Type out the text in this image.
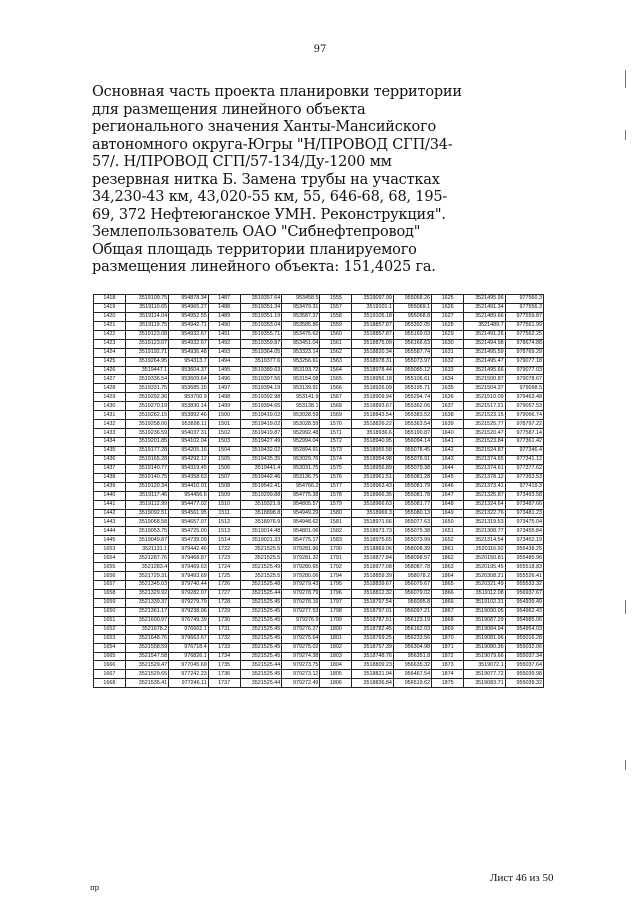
97
Основная часть проекта планировки территории
для размещения линейного объекта
регионального значения Ханты-Мансийского
автономного округа-Югры "Н/ПРОВОД СГП/34-
57/. Н/ПРОВОД СГП/57-134/Ду-1200 мм
резервная нитка Б. Замена трубы на участках
34,230-43 км, 43,020-55 км, 55, 646-68, 68, 195-
69, 372 Нефтеюганское УМН. Реконструкция".
Землепользователь ОАО "Сибнефтепровод"
Общая площадь территории планируемого
размещения линейного объекта: 151,4025 га.
1418	3519109.75	954878.34	1487	3519357.64	953458.5	1555	3519097.99	955068.26	1625	3521495.96	977560.3
1419	3519110.65	954965.27	1488	3519351.34	953479.31	1557	3519101.1	955069.1	1626	3521491.34	977556.3
1420	3519114.04	954952.55	1489	3519351.19	953587.37	1558	3519105.18	955068.8	1627	3521489.66	977559.87
1421	3519119.75	954942.71	1490	3519353.04	953585.86	1559	3518857.87	955392.05	1628	3521489.7	977561.99
1422	3519123.08	954932.67	1491	3519355.71	953475.62	1560	3518857.87	955169.03	1629	3521491.26	977562.25
1423	3519123.07	954932.67	1492	3519359.87	953451.04	1561	3518875.09	956166.63	1630	3521494.98	978674.88
1424	3519192.71	954936.48	1493	3519364.05	953323.14	1562	3518820.34	955587.74	1631	3521495.59	978769.29
1425	3519264.95	954313.7	1494	3519377.6	953256.61	1563	3518978.31	955073.97	1632	3521495.47	979077.18
1426	3519447.1	953604.37	1495	3519389.63	953193.72	1564	3518978.44	955085.12	1633	3521495.66	979077.03
1427	3519336.54	953609.64	1496	3519397.56	953154.08	1565	3518956.18	955106.61	1634	3521500.87	979078.67
1428	3519331.75	953685.15	1497	3519394.19	953139.91	1566	3518926.09	955195.71	1635	3521504.37	979098.5
1429	3519292.36	953700.9	1498	3519392.98	953141.9	1567	3518909.94	955294.74	1636	3521510.09	979463.48
1430	3519270.19	953830.14	1499	3519394.65	953138.1	1568	3518893.67	955362.06	1637	3521517.21	979057.53
1431	3519282.15	953892.46	1500	3519419.02	953028.59	1569	3518843.54	955383.52	1638	3521523.15	979066.74
1432	3519258.00	953898.11	1501	3519419.02	953028.59	1570	3518826.22	955363.54	1639	3521525.77	978797.22
1433	3519236.59	954037.31	1502	3519419.87	952992.48	1571	3518936.6	955190.87	1640	3521520.47	977587.14
1434	3519201.85	954102.04	1503	3519427.49	952994.04	1572	3518940.95	956094.14	1641	3521523.84	977361.42
1435	3519177.28	954205.16	1504	3519432.02	952894.91	1573	3518955.58	955078.45	1642	3521524.87	977346.4
1436	3519165.28	954292.12	1505	3519435.35	953029.76	1574	3518954.98	955078.91	1643	3521374.65	977341.12
1437	3519140.77	954319.45	1506	3519441.4	953031.75	1575	3518956.89	955079.38	1644	3521374.61	977377.62
1438	3519140.75	954358.63	1507	3519442.46	953136.75	1576	3518961.51	955081.28	1645	3521378.12	977353.53
1439	3519120.34	954410.01	1508	3519542.41	954766.2	1577	3518963.43	955081.79	1646	3521373.41	977419.3
1440	3519117.46	954456.6	1509	3519299.88	954775.38	1578	3518966.35	955081.78	1647	3521325.87	973493.58
1441	3519112.99	954477.02	1510	3519321.9	954805.57	1579	3518966.63	955081.77	1648	3521324.64	973487.66
1442	3519092.51	954561.95	1511	3518898.8	954949.29	1580	3518969.3	955080.13	1649	3521322.76	973481.23
1443	3519068.58	954657.07	1512	3518976.9	954948.62	1581	3518971.66	955077.63	1650	3521319.53	973475.04
1444	3519053.75	954725.00	1513	3519014.48	954801.06	1582	3518973.73	955075.38	1651	3521308.77	973455.84
1445	3519049.87	954739.09	1514	3519021.33	954775.17	1583	3518975.65	955073.99	1652	3521314.54	973452.19
1653	3521131.1	979442.46	1722	3521525.5	979281.96	1790	3518869.06	958008.39	1861	3520116.92	955438.25
1654	3521287.76	979468.87	1723	3521525.5	979281.32	1791	3518877.84	958098.57	1862	3520150.81	955485.96
1655	3521283.4	979469.63	1724	3521525.49	979280.65	1792	3518977.08	958087.78	1863	3520195.45	955518.83
1656	3521729.31	979493.69	1725	3521525.5	979280.06	1794	3518859.39	958078.2	1864	3520308.21	955526.41
1657	3521345.03	979740.44	1726	3521525.48	979279.43	1795	3518839.67	956079.67	1865	3520321.49	955533.32
1658	3521329.92	979282.07	1727	3521525.44	979278.79	1796	3518812.32	956079.02	1866	3519112.08	956937.67
1659	3521339.37	979279.79	1728	3521525.45	979278.16	1797	3518797.54	956095.8	1866	3519102.31	954939.49
1650	3521361.17	979238.96	1729	3521525.45	979277.53	1798	3518797.01	956097.21	1867	3519090.05	954962.43
1651	3521600.97	976749.39	1730	3521525.45	979276.9	1799	3518787.51	956123.19	1868	3519087.29	954985.06
1652	3521678.2	976662.1	1731	3521525.45	979276.27	1800	3518782.45	956162.03	1869	3519084.94	954954.03
1653	3521648.76	979663.67	1732	3521525.45	979275.64	1801	3518769.25	956233.56	1870	3519081.96	955016.28
1654	3521558.59	976718.4	1733	3521525.45	979275.02	1802	3518757.39	956304.98	1871	3519080.36	955032.06
1665	3521547.58	976826.1	1734	3521525.45	979274.38	1803	3518748.76	956351.8	1872	3519079.66	955037.34
1666	3521529.47	977045.69	1735	3521525.44	979273.75	1804	3518809.23	956635.32	1873	3519072.1	955037.64
1667	3521529.65	977242.23	1736	3521525.45	979273.12	1805	3518821.94	956467.54	1874	3519077.72	955039.98
1668	3521535.41	977246.11	1737	3521525.44	979272.49	1806	3518836.84	956519.62	1875	3519083.71	955039.32
пр
Лист 46 из 50
